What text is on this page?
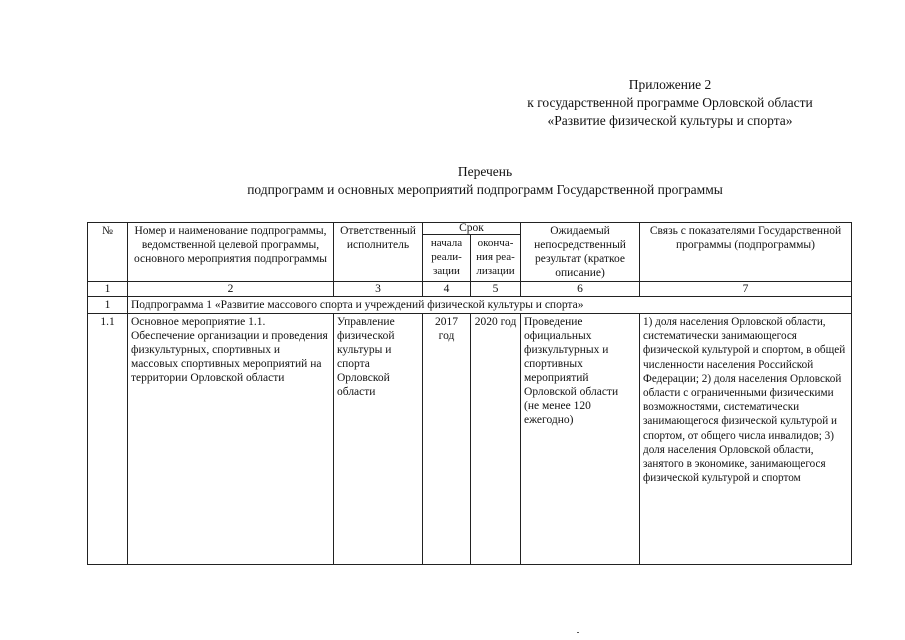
Приложение 2
к государственной программе Орловской области
«Развитие физической культуры и спорта»
Перечень
подпрограмм и основных мероприятий подпрограмм Государственной программы
№	Номер и наименование подпрограммы, ведомственной целевой программы, основного мероприятия подпрограммы	Ответственный исполнитель	Срок		Ожидаемый непосредственный результат (краткое описание)	Связь с показателями Государственной программы (подпрограммы)
			начала реали-зации	оконча-ния реа-лизации		
1	2	3	4	5	6	7
1	Подпрограмма 1 «Развитие массового спорта и учреждений физической культуры и спорта»					
1.1	Основное мероприятие 1.1. Обеспечение организации и проведения физкультурных, спортивных и массовых спортивных мероприятий на территории Орловской области	Управление физической культуры и спорта Орловской области	2017 год	2020 год	Проведение официальных физкультурных и спортивных мероприятий Орловской области (не менее 120 ежегодно)	1) доля населения Орловской области, систематически занимающегося физической культурой и спортом, в общей численности населения Российской Федерации; 2) доля населения Орловской области с ограниченными физическими возможностями, систематически занимающегося физической культурой и спортом, от общего числа инвалидов; 3) доля населения Орловской области, занятого в экономике, занимающегося физической культурой и спортом
